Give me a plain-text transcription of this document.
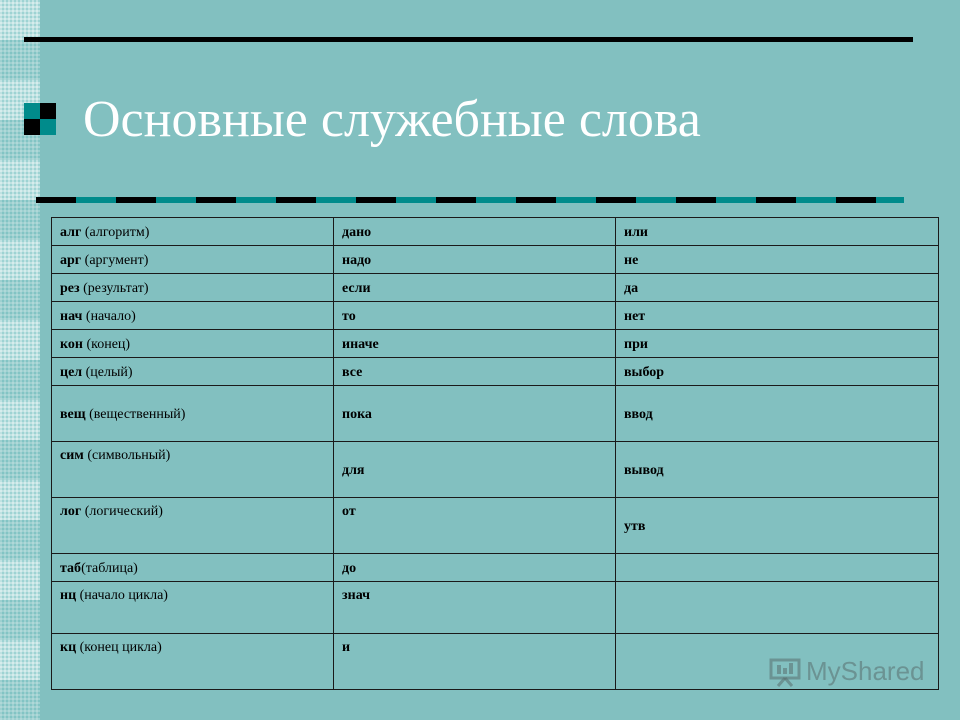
Основные служебные слова
алг (алгоритм)	дано	или
арг (аргумент)	надо	не
рез (результат)	если	да
нач (начало)	то	нет
кон (конец)	иначе	при
цел (целый)	все	выбор
вещ (вещественный)	пока	ввод
сим (символьный)	для	вывод
лог (логический)	от	утв
таб(таблица)	до	
нц (начало цикла)	знач	
кц (конец цикла)	и	
MyShared
